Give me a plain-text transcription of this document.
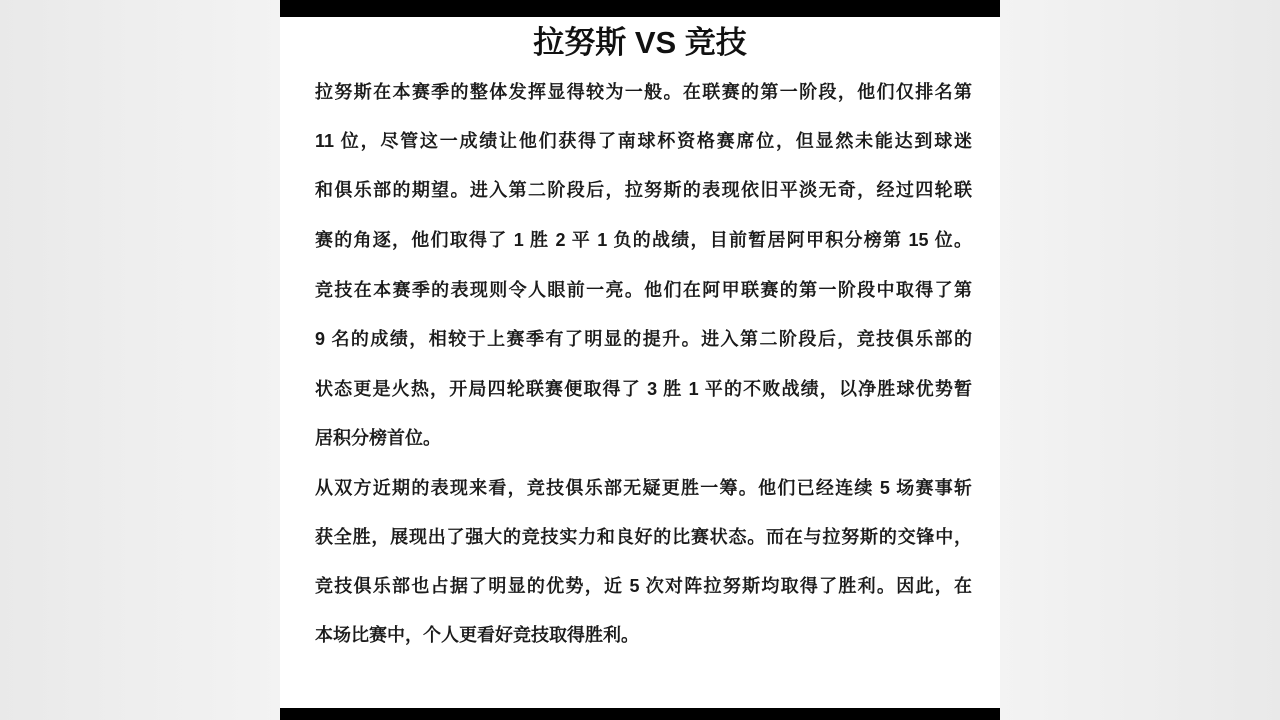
拉努斯 VS 竞技
拉努斯在本赛季的整体发挥显得较为一般。在联赛的第一阶段，他们仅排名第
11 位，尽管这一成绩让他们获得了南球杯资格赛席位，但显然未能达到球迷
和俱乐部的期望。进入第二阶段后，拉努斯的表现依旧平淡无奇，经过四轮联
赛的角逐，他们取得了 1 胜 2 平 1 负的战绩，目前暂居阿甲积分榜第 15 位。
竞技在本赛季的表现则令人眼前一亮。他们在阿甲联赛的第一阶段中取得了第
9 名的成绩，相较于上赛季有了明显的提升。进入第二阶段后，竞技俱乐部的
状态更是火热，开局四轮联赛便取得了 3 胜 1 平的不败战绩，以净胜球优势暂
居积分榜首位。
从双方近期的表现来看，竞技俱乐部无疑更胜一筹。他们已经连续 5 场赛事斩
获全胜，展现出了强大的竞技实力和良好的比赛状态。而在与拉努斯的交锋中，
竞技俱乐部也占据了明显的优势，近 5 次对阵拉努斯均取得了胜利。因此，在
本场比赛中，个人更看好竞技取得胜利。
